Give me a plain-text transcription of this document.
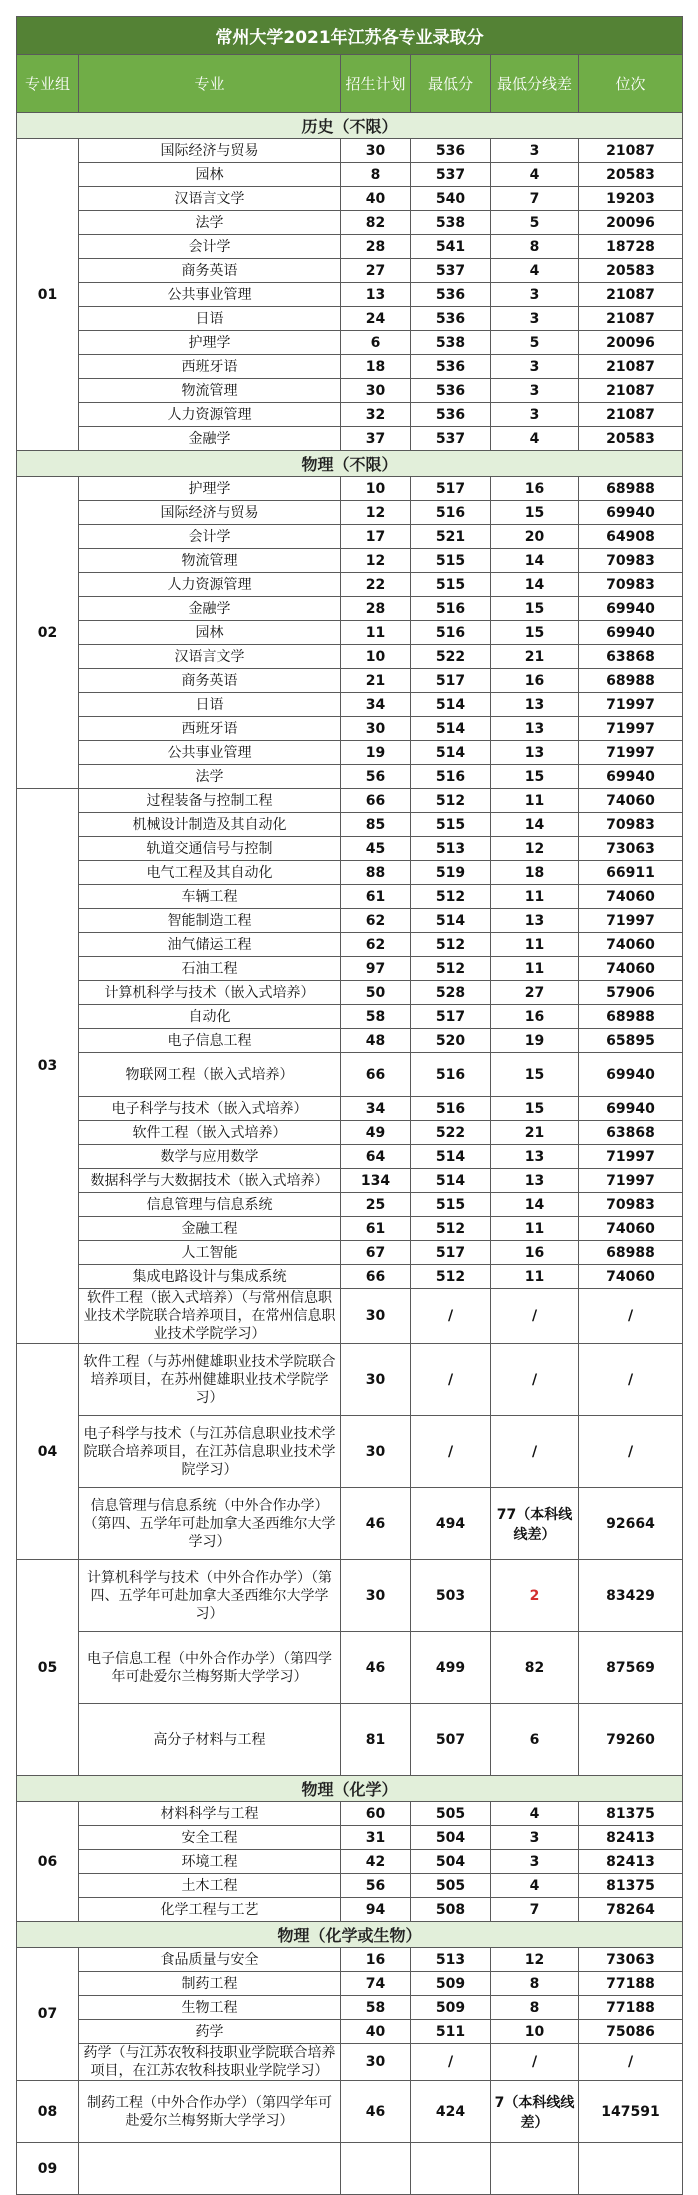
常州大学2021年江苏各专业录取分					
专业组	专业	招生计划	最低分	最低分线差	位次
历史（不限）					
01	国际经济与贸易	30	536	3	21087
	园林	8	537	4	20583
	汉语言文学	40	540	7	19203
	法学	82	538	5	20096
	会计学	28	541	8	18728
	商务英语	27	537	4	20583
	公共事业管理	13	536	3	21087
	日语	24	536	3	21087
	护理学	6	538	5	20096
	西班牙语	18	536	3	21087
	物流管理	30	536	3	21087
	人力资源管理	32	536	3	21087
	金融学	37	537	4	20583
物理（不限）					
02	护理学	10	517	16	68988
	国际经济与贸易	12	516	15	69940
	会计学	17	521	20	64908
	物流管理	12	515	14	70983
	人力资源管理	22	515	14	70983
	金融学	28	516	15	69940
	园林	11	516	15	69940
	汉语言文学	10	522	21	63868
	商务英语	21	517	16	68988
	日语	34	514	13	71997
	西班牙语	30	514	13	71997
	公共事业管理	19	514	13	71997
	法学	56	516	15	69940
03	过程装备与控制工程	66	512	11	74060
	机械设计制造及其自动化	85	515	14	70983
	轨道交通信号与控制	45	513	12	73063
	电气工程及其自动化	88	519	18	66911
	车辆工程	61	512	11	74060
	智能制造工程	62	514	13	71997
	油气储运工程	62	512	11	74060
	石油工程	97	512	11	74060
	计算机科学与技术（嵌入式培养）	50	528	27	57906
	自动化	58	517	16	68988
	电子信息工程	48	520	19	65895
	物联网工程（嵌入式培养）	66	516	15	69940
	电子科学与技术（嵌入式培养）	34	516	15	69940
	软件工程（嵌入式培养）	49	522	21	63868
	数学与应用数学	64	514	13	71997
	数据科学与大数据技术（嵌入式培养）	134	514	13	71997
	信息管理与信息系统	25	515	14	70983
	金融工程	61	512	11	74060
	人工智能	67	517	16	68988
	集成电路设计与集成系统	66	512	11	74060
	软件工程（嵌入式培养）（与常州信息职业技术学院联合培养项目，在常州信息职业技术学院学习）	30	/	/	/
04	软件工程（与苏州健雄职业技术学院联合培养项目，在苏州健雄职业技术学院学习）	30	/	/	/
	电子科学与技术（与江苏信息职业技术学院联合培养项目，在江苏信息职业技术学院学习）	30	/	/	/
	信息管理与信息系统（中外合作办学）（第四、五学年可赴加拿大圣西维尔大学学习）	46	494	77（本科线线差）	92664
05	计算机科学与技术（中外合作办学）（第四、五学年可赴加拿大圣西维尔大学学习）	30	503	2	83429
	电子信息工程（中外合作办学）（第四学年可赴爱尔兰梅努斯大学学习）	46	499	82	87569
	高分子材料与工程	81	507	6	79260
物理（化学）					
06	材料科学与工程	60	505	4	81375
	安全工程	31	504	3	82413
	环境工程	42	504	3	82413
	土木工程	56	505	4	81375
	化学工程与工艺	94	508	7	78264
物理（化学或生物）					
07	食品质量与安全	16	513	12	73063
	制药工程	74	509	8	77188
	生物工程	58	509	8	77188
	药学	40	511	10	75086
	药学（与江苏农牧科技职业学院联合培养项目，在江苏农牧科技职业学院学习）	30	/	/	/
08	制药工程（中外合作办学）（第四学年可赴爱尔兰梅努斯大学学习）	46	424	7（本科线线差）	147591
09					
